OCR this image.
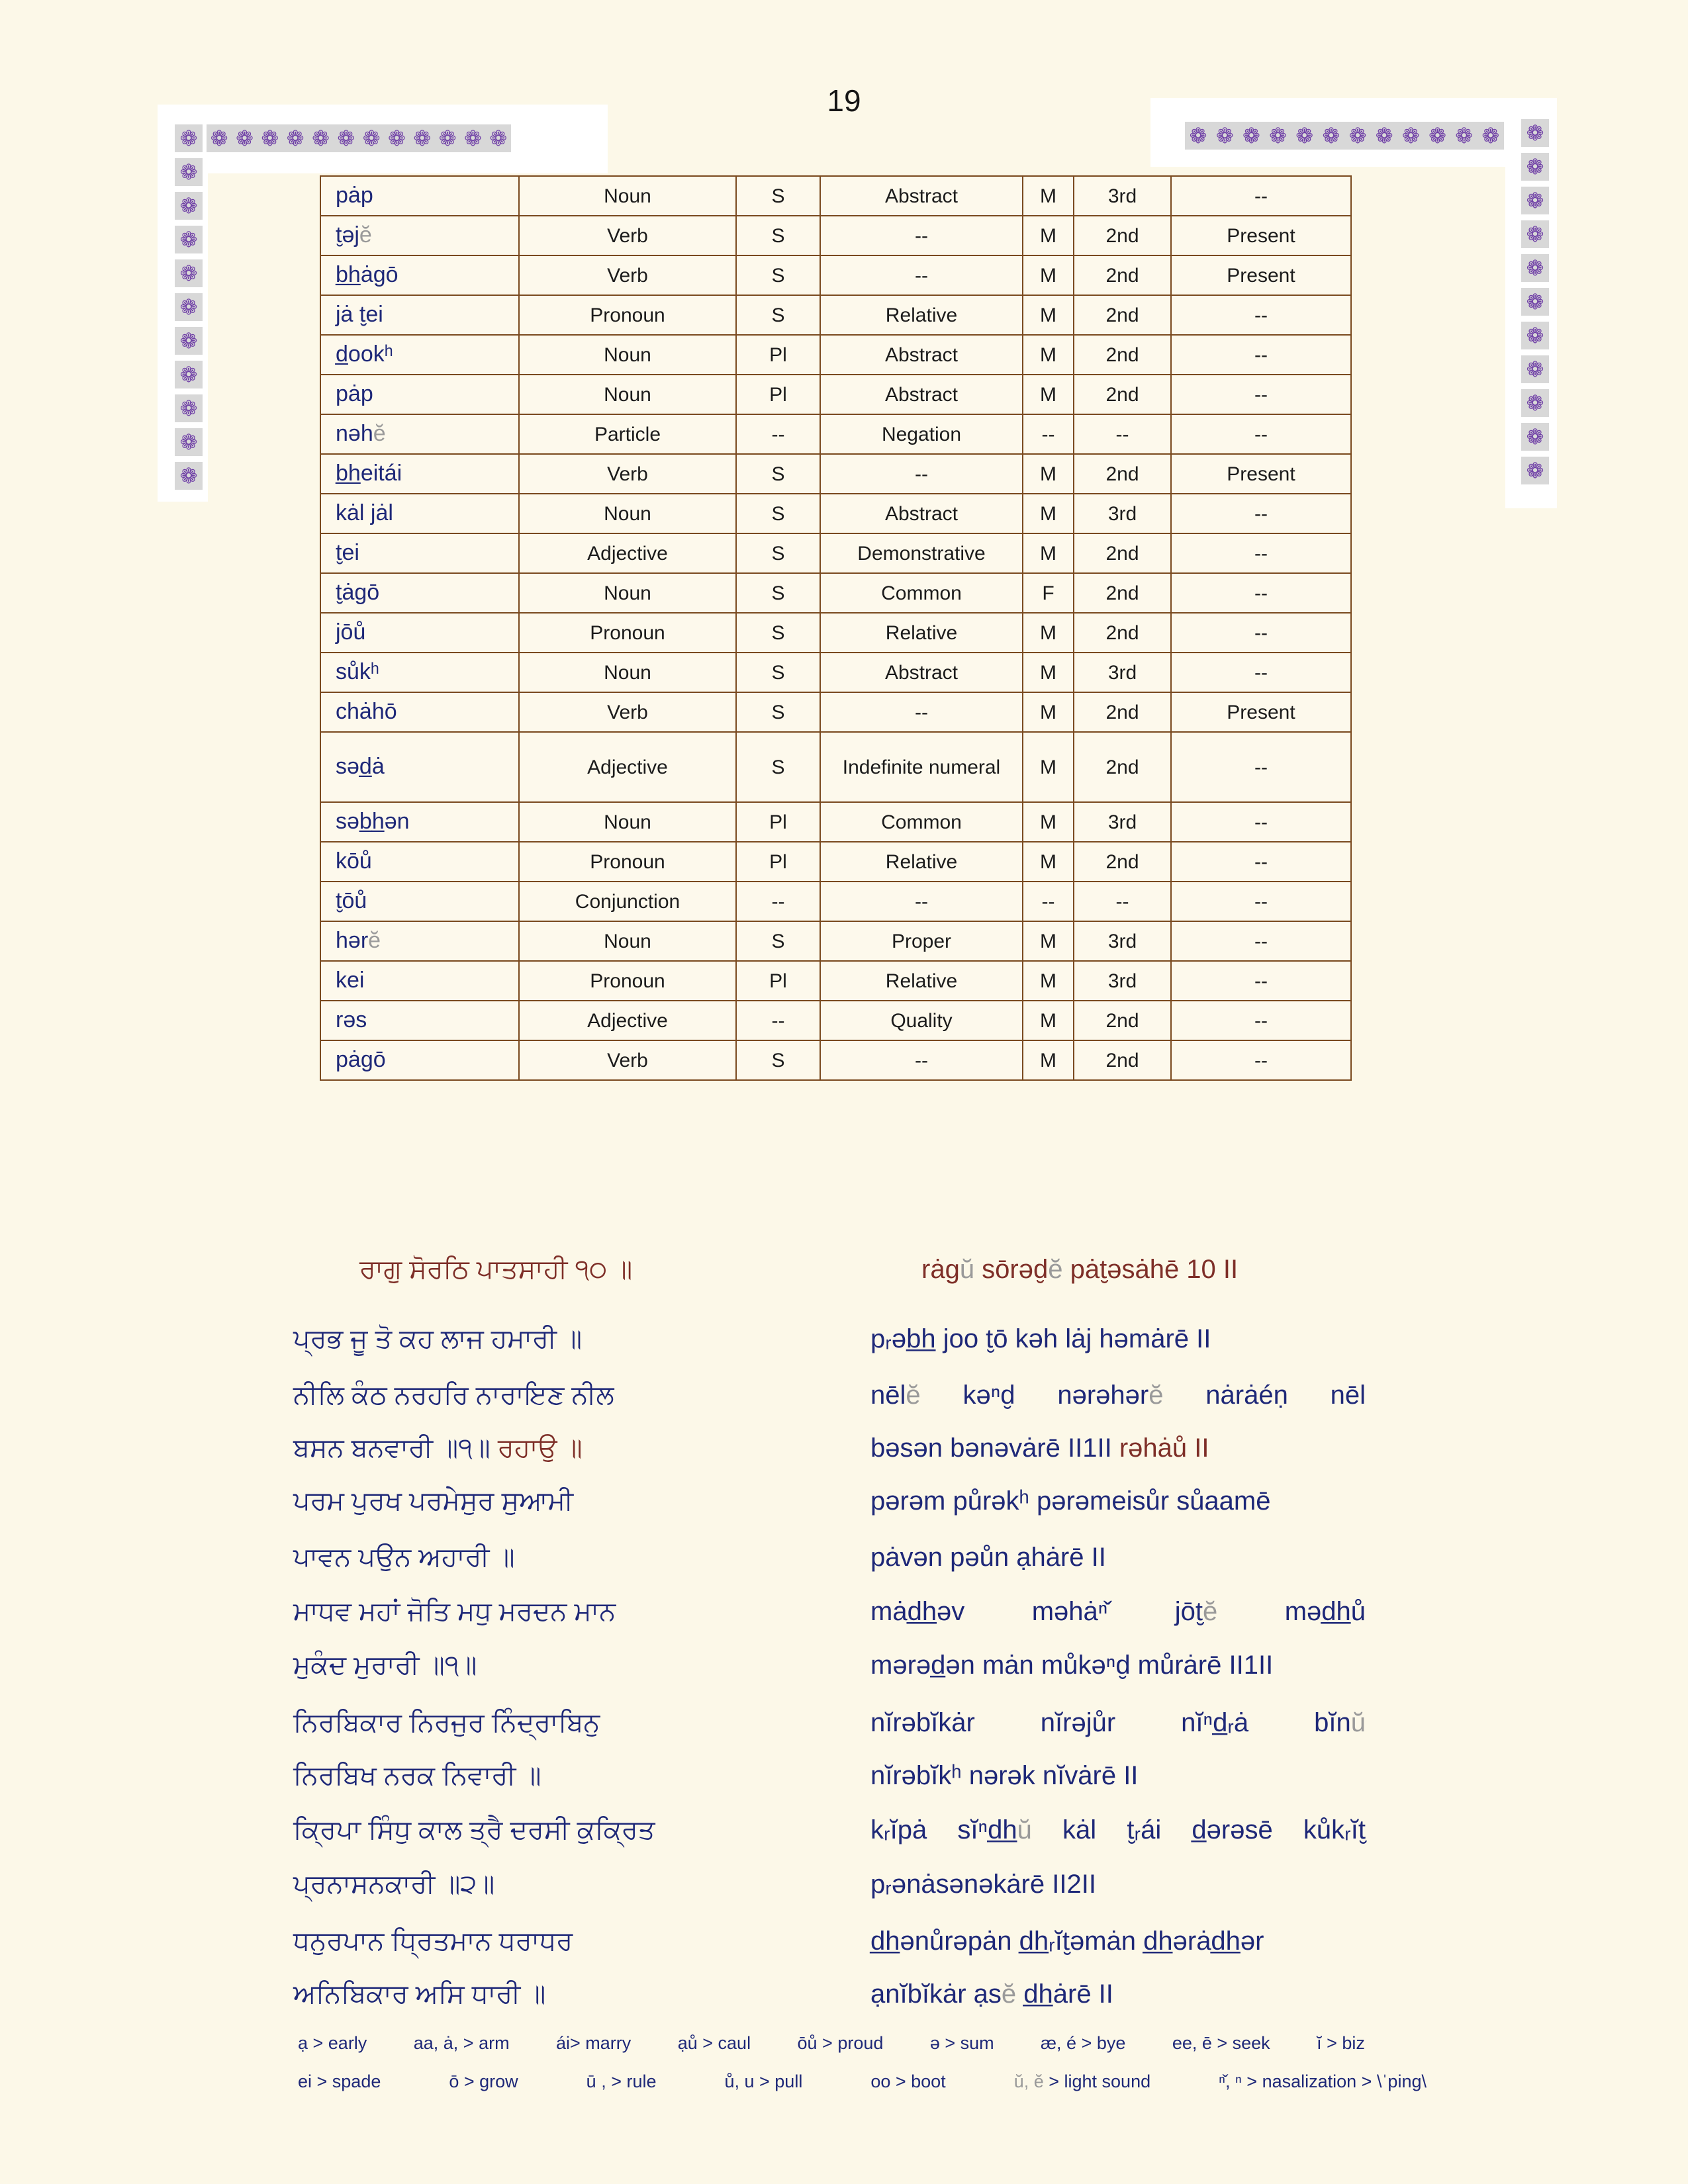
19
❁ ❁ ❁ ❁ ❁ ❁ ❁ ❁ ❁ ❁ ❁ ❁	❁ ❁ ❁ ❁ ❁ ❁ ❁ ❁ ❁ ❁ ❁ ❁
❁
❁
❁
❁
❁
❁
❁
❁
❁
❁
❁
❁
❁
❁
❁
❁
❁
❁
❁
❁
❁
❁
pȧp	Noun	S	Abstract	M	3rd	--
t̮əjĕ	Verb	S	--	M	2nd	Present
b̲h̲ȧgō	Verb	S	--	M	2nd	Present
jȧ t̮ei	Pronoun	S	Relative	M	2nd	--
d̲ookʰ	Noun	Pl	Abstract	M	2nd	--
pȧp	Noun	Pl	Abstract	M	2nd	--
nəhĕ	Particle	--	Negation	--	--	--
b̲h̲eitái	Verb	S	--	M	2nd	Present
kȧl jȧl	Noun	S	Abstract	M	3rd	--
t̮ei	Adjective	S	Demonstrative	M	2nd	--
t̮ȧgō	Noun	S	Common	F	2nd	--
jōů	Pronoun	S	Relative	M	2nd	--
sůkʰ	Noun	S	Abstract	M	3rd	--
chȧhō	Verb	S	--	M	2nd	Present
səd̲ȧ	Adjective	S	Indefinite numeral	M	2nd	--
səb̲h̲ən	Noun	Pl	Common	M	3rd	--
kōů	Pronoun	Pl	Relative	M	2nd	--
t̮ōů	Conjunction	--	--	--	--	--
hərĕ	Noun	S	Proper	M	3rd	--
kei	Pronoun	Pl	Relative	M	3rd	--
rəs	Adjective	--	Quality	M	2nd	--
pȧgō	Verb	S	--	M	2nd	--
ਰਾਗੁ ਸੋਰਠਿ ਪਾਤਸਾਹੀ ੧੦ ॥
ਪ੍ਰਭ ਜੂ ਤੋ ਕਹ ਲਾਜ ਹਮਾਰੀ ॥
ਨੀਲਿ ਕੰਠ ਨਰਹਰਿ ਨਾਰਾਇਣ ਨੀਲ
ਬਸਨ ਬਨਵਾਰੀ ॥੧॥ ਰਹਾਉ ॥
ਪਰਮ ਪੁਰਖ ਪਰਮੇਸੁਰ ਸੁਆਮੀ
ਪਾਵਨ ਪਉਨ ਅਹਾਰੀ ॥
ਮਾਧਵ ਮਹਾਂ ਜੋਤਿ ਮਧੁ ਮਰਦਨ ਮਾਨ
ਮੁਕੰਦ ਮੁਰਾਰੀ ॥੧॥
ਨਿਰਬਿਕਾਰ ਨਿਰਜੁਰ ਨਿੰਦ੍ਰਾਬਿਨੁ
ਨਿਰਬਿਖ ਨਰਕ ਨਿਵਾਰੀ ॥
ਕ੍ਰਿਪਾ ਸਿੰਧੁ ਕਾਲ ਤ੍ਰੈ ਦਰਸੀ ਕੁਕ੍ਰਿਤ
ਪ੍ਰਨਾਸਨਕਾਰੀ ॥੨॥
ਧਨੁਰਪਾਨ ਧ੍ਰਿਤਮਾਨ ਧਰਾਧਰ
ਅਨਿਬਿਕਾਰ ਅਸਿ ਧਾਰੀ ॥
rȧgŭ sōrəd̮ĕ pȧt̮əsȧhē 10 II
pᵣəb̲h̲ joo t̮ō kəh lȧj həmȧrē II
nēlĕ kəⁿd̮ nərəhərĕ nȧrȧéṇ nēl
bəsən bənəvȧrē II1II rəhȧů II
pərəm půrəkʰ pərəmeisůr sůaamē
pȧvən pəůn ạhȧrē II
mȧd̲h̲əv məhȧⁿ̌ jōt̮ĕ məd̲h̲ů
mərəd̲ən mȧn můkəⁿd̮ můrȧrē II1II
nĭrəbĭkȧr nĭrəjůr nĭⁿd̲ᵣȧ bĭnŭ
nĭrəbĭkʰ nərək nĭvȧrē II
kᵣĭpȧ sĭⁿd̲h̲ŭ kȧl t̮ᵣái d̲ərəsē kůkᵣĭt̮
pᵣənȧsənəkȧrē II2II
d̲h̲ənůrəpȧn d̲h̲ᵣĭt̮əmȧn d̲h̲ərȧd̲h̲ər
ạnĭbĭkȧr ạsĕ d̲h̲ȧrē II
ạ > early	aa, ȧ, > arm	ái> marry	ạů > caul	ōů > proud	ə > sum	æ, é > bye	ee, ē > seek	ĭ > biz
ei > spade	ō > grow	ū , > rule	ů, u > pull	oo > boot	ŭ, ĕ > light sound	ⁿ̌, ⁿ > nasalization > \ˈping\
